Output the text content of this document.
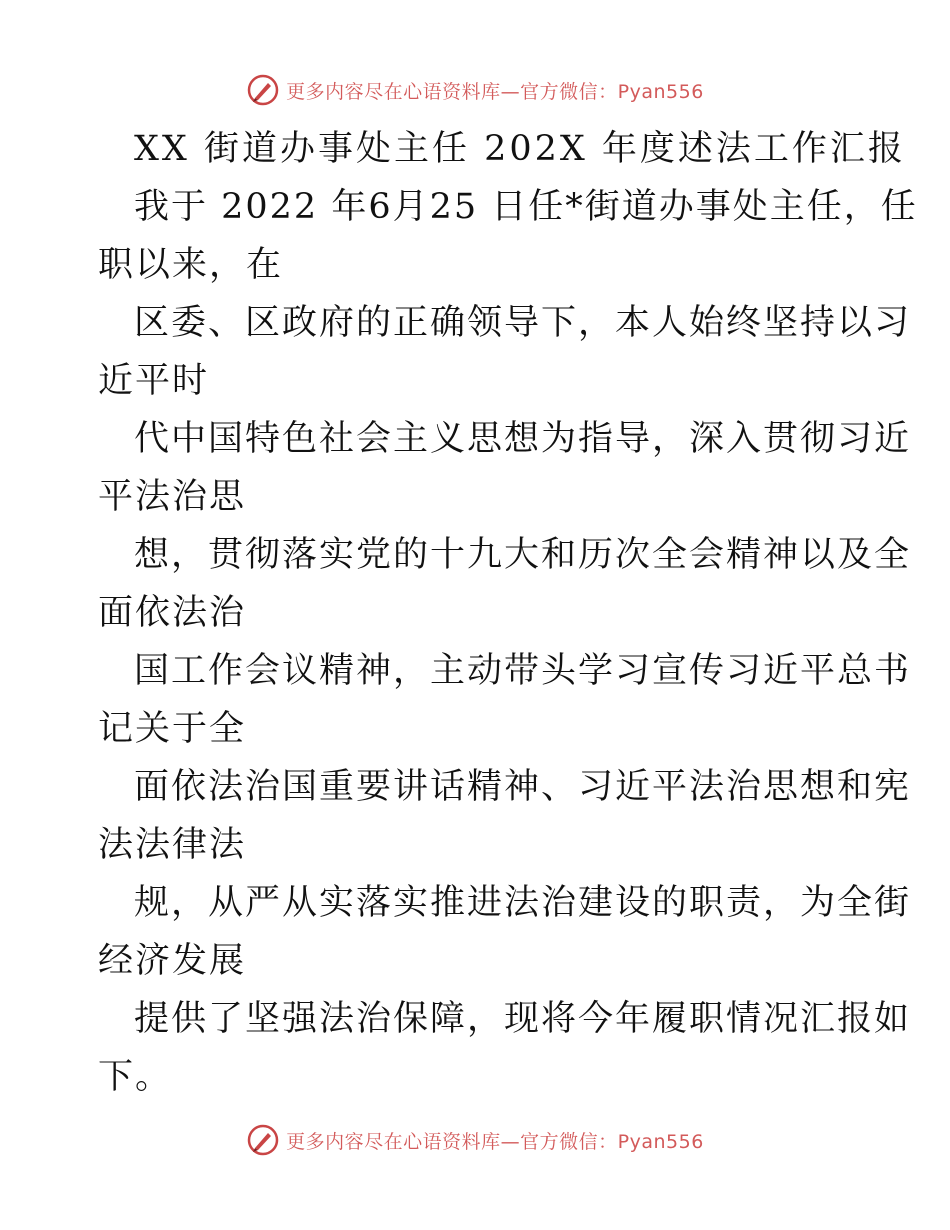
更多内容尽在心语资料库—官方微信：Pyan556
XX 街道办事处主任 202X 年度述法工作汇报
我于 2022 年6月25 日任*街道办事处主任，任
职以来，在
区委、区政府的正确领导下，本人始终坚持以习
近平时
代中国特色社会主义思想为指导，深入贯彻习近
平法治思
想，贯彻落实党的十九大和历次全会精神以及全
面依法治
国工作会议精神，主动带头学习宣传习近平总书
记关于全
面依法治国重要讲话精神、习近平法治思想和宪
法法律法
规，从严从实落实推进法治建设的职责，为全街
经济发展
提供了坚强法治保障，现将今年履职情况汇报如
下。
更多内容尽在心语资料库—官方微信：Pyan556
